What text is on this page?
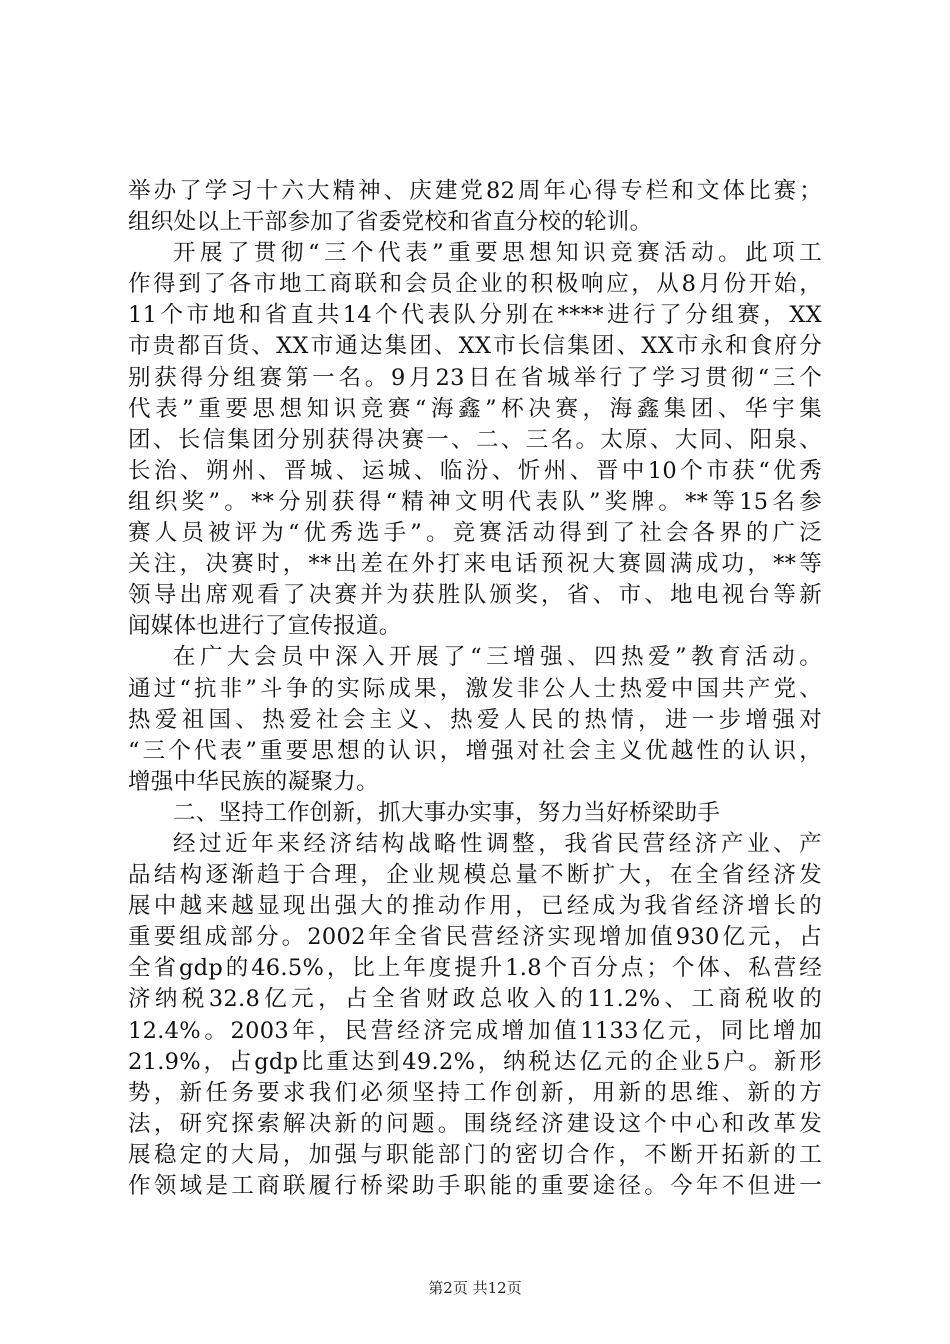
举办了学习十六大精神、庆建党82周年心得专栏和文体比赛；
组织处以上干部参加了省委党校和省直分校的轮训。
开展了贯彻“三个代表”重要思想知识竞赛活动。此项工
作得到了各市地工商联和会员企业的积极响应，从8月份开始，
11个市地和省直共14个代表队分别在****进行了分组赛，XX
市贵都百货、XX市通达集团、XX市长信集团、XX市永和食府分
别获得分组赛第一名。9月23日在省城举行了学习贯彻“三个
代表”重要思想知识竞赛“海鑫”杯决赛，海鑫集团、华宇集
团、长信集团分别获得决赛一、二、三名。太原、大同、阳泉、
长治、朔州、晋城、运城、临汾、忻州、晋中10个市获“优秀
组织奖”。**分别获得“精神文明代表队”奖牌。**等15名参
赛人员被评为“优秀选手”。竞赛活动得到了社会各界的广泛
关注，决赛时，**出差在外打来电话预祝大赛圆满成功，**等
领导出席观看了决赛并为获胜队颁奖，省、市、地电视台等新
闻媒体也进行了宣传报道。
在广大会员中深入开展了“三增强、四热爱”教育活动。
通过“抗非”斗争的实际成果，激发非公人士热爱中国共产党、
热爱祖国、热爱社会主义、热爱人民的热情，进一步增强对
“三个代表”重要思想的认识，增强对社会主义优越性的认识，
增强中华民族的凝聚力。
二、坚持工作创新，抓大事办实事，努力当好桥梁助手
经过近年来经济结构战略性调整，我省民营经济产业、产
品结构逐渐趋于合理，企业规模总量不断扩大，在全省经济发
展中越来越显现出强大的推动作用，已经成为我省经济增长的
重要组成部分。2002年全省民营经济实现增加值930亿元，占
全省gdp的46.5%，比上年度提升1.8个百分点；个体、私营经
济纳税32.8亿元，占全省财政总收入的11.2%、工商税收的
12.4%。2003年，民营经济完成增加值1133亿元，同比增加
21.9%，占gdp比重达到49.2%，纳税达亿元的企业5户。新形
势，新任务要求我们必须坚持工作创新，用新的思维、新的方
法，研究探索解决新的问题。围绕经济建设这个中心和改革发
展稳定的大局，加强与职能部门的密切合作，不断开拓新的工
作领域是工商联履行桥梁助手职能的重要途径。今年不但进一
第2页 共12页
